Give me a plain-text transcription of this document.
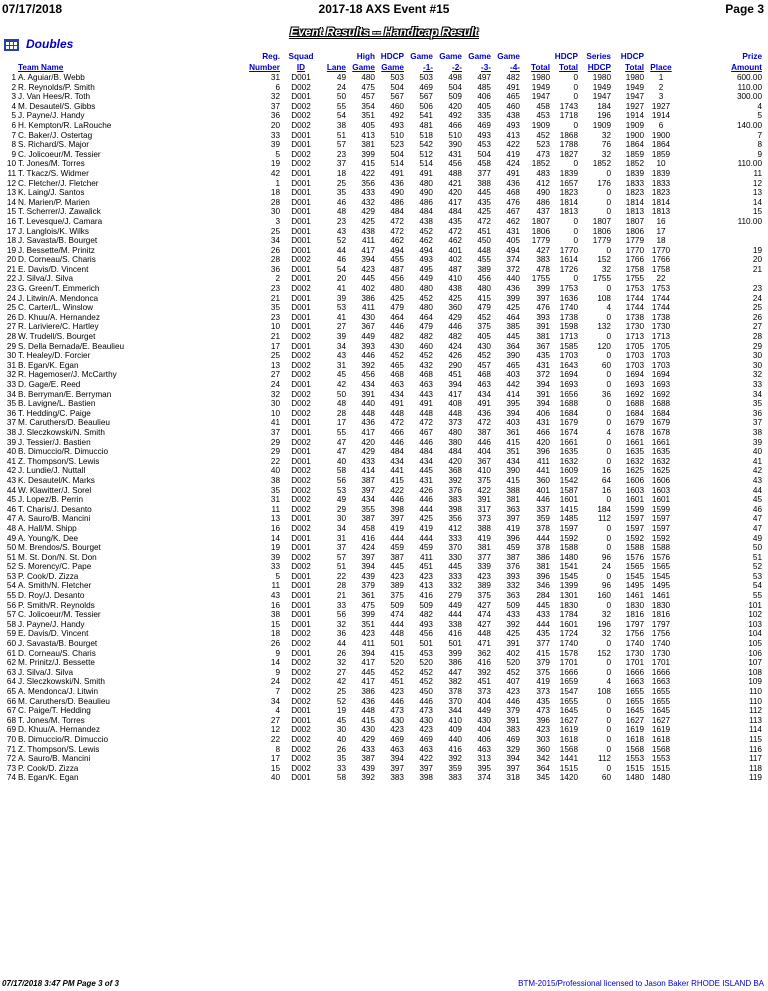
07/17/2018	2017-18 AXS Event #15	Page 3
Event Results -- Handicap Result
Doubles
		Reg.	Squad		High	HDCP	Game	Game	Game	Game		HDCP	Series	HDCP		Prize
	Team Name	Number	ID	Lane	Game	Game	-1-	-2-	-3-	-4-	Total	Total	HDCP	Total	Place	Amount
1	A. Aguiar/B. Webb	31	D001	49	480	503	503	498	497	482	1980	0	1980	1980	1	600.00
2	R. Reynolds/P. Smith	6	D002	24	475	504	469	504	485	491	1949	0	1949	1949	2	110.00
3	J. Van Hees/R. Toth	32	D001	50	457	567	567	509	406	465	1947	0	1947	1947	3	300.00
4	M. Desautel/S. Gibbs	37	D002	55	354	460	506	420	405	460	458	1743	184	1927	1927	4
5	J. Payne/J. Handy	36	D002	54	351	492	541	492	335	438	453	1718	196	1914	1914	5
6	H. Kempton/R. LaRouche	20	D002	38	405	493	481	466	469	493	1909	0	1909	1909	6	140.00
7	C. Baker/J. Ostertag	33	D001	51	413	510	518	510	493	413	452	1868	32	1900	1900	7
8	S. Richard/S. Major	39	D001	57	381	523	542	390	453	422	523	1788	76	1864	1864	8
9	C. Jolicoeur/M. Tessier	5	D002	23	399	504	512	431	504	419	473	1827	32	1859	1859	9
10	T. Jones/M. Torres	19	D002	37	415	514	514	456	458	424	1852	0	1852	1852	10	110.00
11	T. Tkacz/S. Widmer	42	D001	18	422	491	491	488	377	491	483	1839	0	1839	1839	11
12	C. Fletcher/J. Fletcher	1	D001	25	356	436	480	421	388	436	412	1657	176	1833	1833	12
13	K. Laing/J. Santos	18	D001	35	433	490	490	420	445	468	490	1823	0	1823	1823	13
14	N. Marien/P. Marien	28	D001	46	432	486	486	417	435	476	486	1814	0	1814	1814	14
15	T. Scherrer/J. Zawalick	30	D001	48	429	484	484	484	425	467	437	1813	0	1813	1813	15
16	T. Levesque/J. Camara	3	D001	23	425	472	438	435	472	462	1807	0	1807	1807	16	110.00
17	J. Langlois/K. Wilks	25	D001	43	438	472	452	472	451	431	1806	0	1806	1806	17	
18	J. Savasta/B. Bourget	34	D001	52	411	462	462	462	450	405	1779	0	1779	1779	18	
19	J. Bessette/M. Prinitz	26	D001	44	417	494	494	401	448	494	427	1770	0	1770	1770	19
20	D. Corneau/S. Charis	28	D002	46	394	455	493	402	455	374	383	1614	152	1766	1766	20
21	E. Davis/D. Vincent	36	D001	54	423	487	495	487	389	372	478	1726	32	1758	1758	21
22	J. Silva/J. Silva	2	D001	20	445	456	449	410	456	440	1755	0	1755	1755	22	
23	G. Green/T. Emmerich	23	D002	41	402	480	480	438	480	436	399	1753	0	1753	1753	23
24	J. Litwin/A. Mendonca	21	D001	39	386	425	452	425	415	399	397	1636	108	1744	1744	24
25	C. Carter/L. Winslow	35	D001	53	411	479	480	360	479	425	476	1740	4	1744	1744	25
26	D. Khuu/A. Hernandez	23	D001	41	430	464	464	429	452	464	393	1738	0	1738	1738	26
27	R. Lariviere/C. Hartley	10	D001	27	367	446	479	446	375	385	391	1598	132	1730	1730	27
28	W. Trudell/S. Bourget	21	D002	39	449	482	482	482	405	445	381	1713	0	1713	1713	28
29	S. Della Bernada/E. Beaulieu	17	D001	34	393	430	460	424	430	364	367	1585	120	1705	1705	29
30	T. Healey/D. Forcier	25	D002	43	446	452	452	426	452	390	435	1703	0	1703	1703	30
31	B. Egan/K. Egan	13	D002	31	392	465	432	290	457	465	431	1643	60	1703	1703	30
32	R. Hagemoser/J. McCarthy	27	D002	45	456	468	468	451	468	403	372	1694	0	1694	1694	32
33	D. Gage/E. Reed	24	D001	42	434	463	463	394	463	442	394	1693	0	1693	1693	33
34	B. Berryman/E. Berryman	32	D002	50	391	434	443	417	434	414	391	1656	36	1692	1692	34
35	B. Lavigne/L. Bastien	30	D002	48	440	491	491	408	491	395	394	1688	0	1688	1688	35
36	T. Hedding/C. Paige	10	D002	28	448	448	448	448	436	394	406	1684	0	1684	1684	36
37	M. Caruthers/D. Beaulieu	41	D001	17	436	472	472	373	472	403	431	1679	0	1679	1679	37
38	J. Sleczkowski/N. Smith	37	D001	55	417	466	467	480	387	361	466	1674	4	1678	1678	38
39	J. Tessier/J. Bastien	29	D002	47	420	446	446	380	446	415	420	1661	0	1661	1661	39
40	B. Dimuccio/R. Dimuccio	29	D001	47	429	484	484	484	404	351	396	1635	0	1635	1635	40
41	Z. Thompson/S. Lewis	22	D001	40	433	434	434	420	367	434	411	1632	0	1632	1632	41
42	J. Lundie/J. Nuttall	40	D002	58	414	441	445	368	410	390	441	1609	16	1625	1625	42
43	K. Desautel/K. Marks	38	D002	56	387	415	431	392	375	415	360	1542	64	1606	1606	43
44	W. Klawitter/J. Sorel	35	D002	53	397	422	426	376	422	388	401	1587	16	1603	1603	44
45	J. Lopez/B. Perrin	31	D002	49	434	446	446	383	391	381	446	1601	0	1601	1601	45
46	T. Charis/J. Desanto	11	D002	29	355	398	444	398	317	363	337	1415	184	1599	1599	46
47	A. Sauro/B. Mancini	13	D001	30	387	397	425	356	373	397	359	1485	112	1597	1597	47
48	A. Hall/M. Shipp	16	D002	34	458	419	419	412	388	419	378	1597	0	1597	1597	47
49	A. Young/K. Dee	14	D001	31	416	444	444	333	419	396	444	1592	0	1592	1592	49
50	M. Brendos/S. Bourget	19	D001	37	424	459	459	370	381	459	378	1588	0	1588	1588	50
51	M. St. Don/N. St. Don	39	D002	57	397	387	411	330	377	387	386	1480	96	1576	1576	51
52	S. Morency/C. Pape	33	D002	51	394	445	451	445	339	376	381	1541	24	1565	1565	52
53	P. Cook/D. Zizza	5	D001	22	439	423	423	333	423	393	396	1545	0	1545	1545	53
54	A. Smith/N. Fletcher	11	D001	28	379	389	413	332	389	332	346	1399	96	1495	1495	54
55	D. Roy/J. Desanto	43	D001	21	361	375	416	279	375	363	284	1301	160	1461	1461	55
56	P. Smith/R. Reynolds	16	D001	33	475	509	509	449	427	509	445	1830	0	1830	1830	101
57	C. Jolicoeur/M. Tessier	38	D001	56	399	474	482	444	474	433	433	1784	32	1816	1816	102
58	J. Payne/J. Handy	15	D001	32	351	444	493	338	427	392	444	1601	196	1797	1797	103
59	E. Davis/D. Vincent	18	D002	36	423	448	456	416	448	425	435	1724	32	1756	1756	104
60	J. Savasta/B. Bourget	26	D002	44	411	501	501	501	471	391	377	1740	0	1740	1740	105
61	D. Corneau/S. Charis	9	D001	26	394	415	453	399	362	402	415	1578	152	1730	1730	106
62	M. Prinitz/J. Bessette	14	D002	32	417	520	520	386	416	520	379	1701	0	1701	1701	107
63	J. Silva/J. Silva	9	D002	27	445	452	452	447	392	452	375	1666	0	1666	1666	108
64	J. Sleczkowski/N. Smith	24	D002	42	417	451	452	382	451	407	419	1659	4	1663	1663	109
65	A. Mendonca/J. Litwin	7	D002	25	386	423	450	378	373	423	373	1547	108	1655	1655	110
66	M. Caruthers/D. Beaulieu	34	D002	52	436	446	446	370	404	446	435	1655	0	1655	1655	110
67	C. Paige/T. Hedding	4	D001	19	448	473	473	344	449	379	473	1645	0	1645	1645	112
68	T. Jones/M. Torres	27	D001	45	415	430	430	410	430	391	396	1627	0	1627	1627	113
69	D. Khuu/A. Hernandez	12	D002	30	430	423	423	409	404	383	423	1619	0	1619	1619	114
70	B. Dimuccio/R. Dimuccio	22	D002	40	429	469	469	440	406	469	303	1618	0	1618	1618	115
71	Z. Thompson/S. Lewis	8	D002	26	433	463	463	416	463	329	360	1568	0	1568	1568	116
72	A. Sauro/B. Mancini	17	D002	35	387	394	422	392	313	394	342	1441	112	1553	1553	117
73	P. Cook/D. Zizza	15	D002	33	439	397	397	359	395	397	364	1515	0	1515	1515	118
74	B. Egan/K. Egan	40	D001	58	392	383	398	383	374	318	345	1420	60	1480	1480	119
07/17/2018 3:47 PM Page 3 of 3	BTM-2015/Professional licensed to Jason Baker RHODE ISLAND BA
